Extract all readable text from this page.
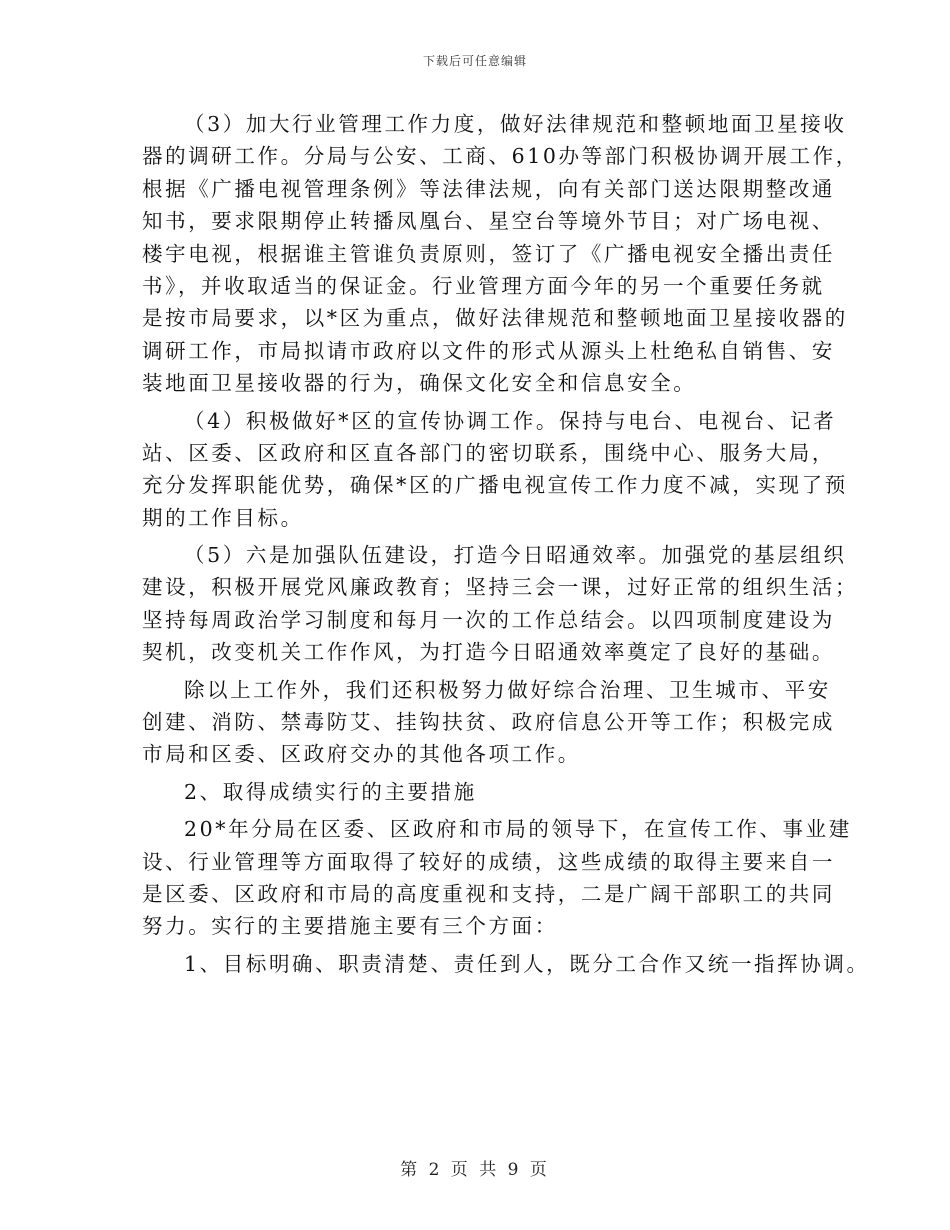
下载后可任意编辑
（3）加大行业管理工作力度，做好法律规范和整顿地面卫星接收
器的调研工作。分局与公安、工商、610办等部门积极协调开展工作，
根据《广播电视管理条例》等法律法规，向有关部门送达限期整改通
知书，要求限期停止转播凤凰台、星空台等境外节目；对广场电视、
楼宇电视，根据谁主管谁负责原则，签订了《广播电视安全播出责任
书》，并收取适当的保证金。行业管理方面今年的另一个重要任务就
是按市局要求，以*区为重点，做好法律规范和整顿地面卫星接收器的
调研工作，市局拟请市政府以文件的形式从源头上杜绝私自销售、安
装地面卫星接收器的行为，确保文化安全和信息安全。
（4）积极做好*区的宣传协调工作。保持与电台、电视台、记者
站、区委、区政府和区直各部门的密切联系，围绕中心、服务大局，
充分发挥职能优势，确保*区的广播电视宣传工作力度不减，实现了预
期的工作目标。
（5）六是加强队伍建设，打造今日昭通效率。加强党的基层组织
建设，积极开展党风廉政教育；坚持三会一课，过好正常的组织生活；
坚持每周政治学习制度和每月一次的工作总结会。以四项制度建设为
契机，改变机关工作作风，为打造今日昭通效率奠定了良好的基础。
除以上工作外，我们还积极努力做好综合治理、卫生城市、平安
创建、消防、禁毒防艾、挂钩扶贫、政府信息公开等工作；积极完成
市局和区委、区政府交办的其他各项工作。
2、取得成绩实行的主要措施
20*年分局在区委、区政府和市局的领导下，在宣传工作、事业建
设、行业管理等方面取得了较好的成绩，这些成绩的取得主要来自一
是区委、区政府和市局的高度重视和支持，二是广阔干部职工的共同
努力。实行的主要措施主要有三个方面：
1、目标明确、职责清楚、责任到人，既分工合作又统一指挥协调。
第 2 页 共 9 页
